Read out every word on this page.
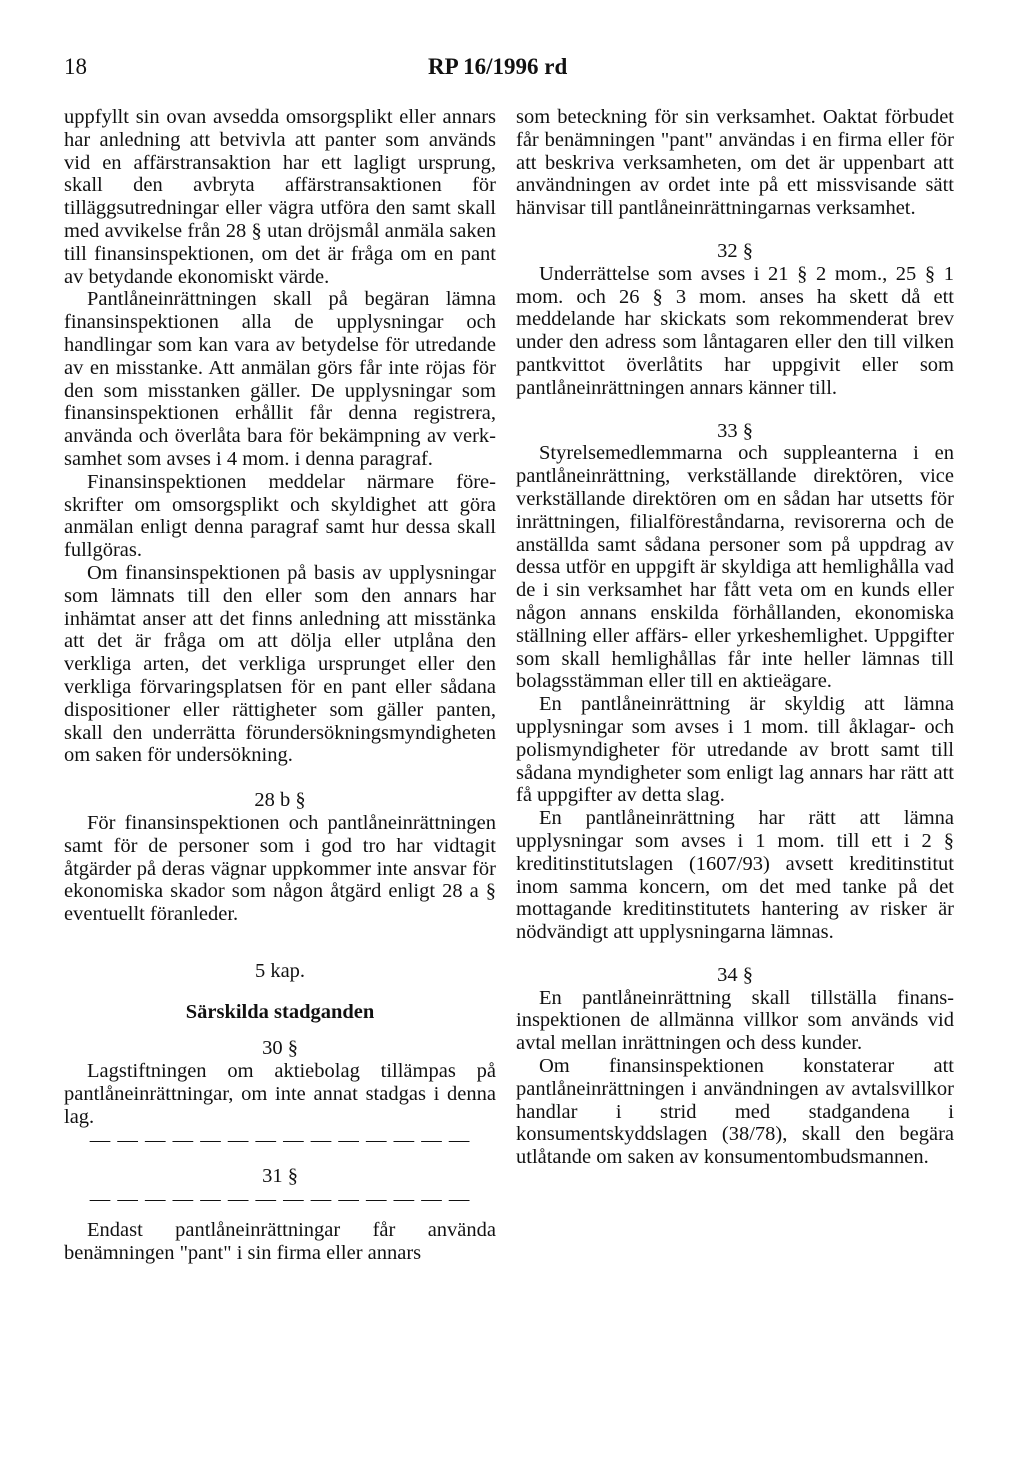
18	RP 16/1996 rd

uppfyllt sin ovan avsedda omsorgsplikt eller annars har anledning att betvivla att panter som används vid en affärstransaktion har ett lagligt ursprung, skall den avbryta affärstransaktionen för tilläggsutredningar eller vägra utföra den samt skall med avvikelse från 28 § utan dröjsmål anmäla saken till finansinspektionen, om det är fråga om en pant av betydande ekonomiskt värde.

Pantlåneinrättningen skall på begäran lämna finansinspektionen alla de upplysningar och handlingar som kan vara av betydelse för utredande av en misstanke. Att anmälan görs får inte röjas för den som misstanken gäller. De upplysningar som finansinspektionen erhållit får denna registrera, använda och överlåta bara för bekämpning av verksamhet som avses i 4 mom. i denna paragraf.

Finansinspektionen meddelar närmare föreskrifter om omsorgsplikt och skyldighet att göra anmälan enligt denna paragraf samt hur dessa skall fullgöras.

Om finansinspektionen på basis av upplysningar som lämnats till den eller som den annars har inhämtat anser att det finns anledning att misstänka att det är fråga om att dölja eller utplåna den verkliga arten, det verkliga ursprunget eller den verkliga förvaringsplatsen för en pant eller sådana dispositioner eller rättigheter som gäller panten, skall den underrätta förundersökningsmyndigheten om saken för undersökning.

28 b §

För finansinspektionen och pantlåneinrättningen samt för de personer som i god tro har vidtagit åtgärder på deras vägnar uppkommer inte ansvar för ekonomiska skador som någon åtgärd enligt 28 a § eventuellt föranleder.

5 kap.

Särskilda stadganden

30 §

Lagstiftningen om aktiebolag tillämpas på pantlåneinrättningar, om inte annat stadgas i denna lag.

— — — — — — — — — — — — — —

31 §

— — — — — — — — — — — — — —

Endast pantlåneinrättningar får använda benämningen "pant" i sin firma eller annars

som beteckning för sin verksamhet. Oaktat förbudet får benämningen "pant" användas i en firma eller för att beskriva verksamheten, om det är uppenbart att användningen av ordet inte på ett missvisande sätt hänvisar till pantlåneinrättningarnas verksamhet.

32 §

Underrättelse som avses i 21 § 2 mom., 25 § 1 mom. och 26 § 3 mom. anses ha skett då ett meddelande har skickats som rekommenderat brev under den adress som låntagaren eller den till vilken pantkvittot överlåtits har uppgivit eller som pantlåneinrättningen annars känner till.

33 §

Styrelsemedlemmarna och suppleanterna i en pantlåneinrättning, verkställande direktören, vice verkställande direktören om en sådan har utsetts för inrättningen, filialföreståndarna, revisorerna och de anställda samt sådana personer som på uppdrag av dessa utför en uppgift är skyldiga att hemlighålla vad de i sin verksamhet har fått veta om en kunds eller någon annans enskilda förhållanden, ekonomiska ställning eller affärs- eller yrkeshemlighet. Uppgifter som skall hemlighållas får inte heller lämnas till bolagsstämman eller till en aktieägare.

En pantlåneinrättning är skyldig att lämna upplysningar som avses i 1 mom. till åklagar- och polismyndigheter för utredande av brott samt till sådana myndigheter som enligt lag annars har rätt att få uppgifter av detta slag.

En pantlåneinrättning har rätt att lämna upplysningar som avses i 1 mom. till ett i 2 § kreditinstitutslagen (1607/93) avsett kreditinstitut inom samma koncern, om det med tanke på det mottagande kreditinstitutets hantering av risker är nödvändigt att upplysningarna lämnas.

34 §

En pantlåneinrättning skall tillställa finansinspektionen de allmänna villkor som används vid avtal mellan inrättningen och dess kunder.

Om finansinspektionen konstaterar att pantlåneinrättningen i användningen av avtalsvillkor handlar i strid med stadgandena i konsumentskyddslagen (38/78), skall den begära utlåtande om saken av konsumentombudsmannen.
